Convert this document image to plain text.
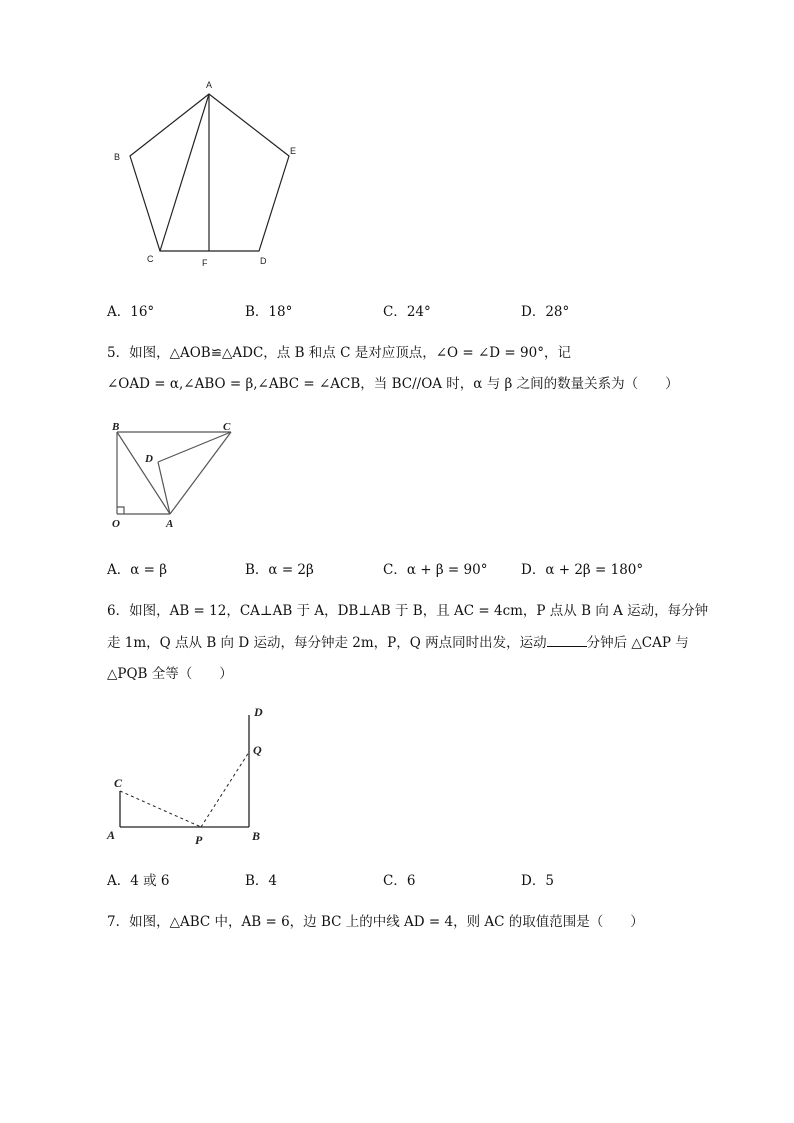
A
B
E
C	F	D
A．16°	B．18°	C．24°	D．28°
5．如图，△AOB≌△ADC，点 B 和点 C 是对应顶点，∠O = ∠D = 90°，记
∠OAD = α,∠ABO = β,∠ABC = ∠ACB，当 BC//OA 时，α 与 β 之间的数量关系为（　　）
B	C
D
O	A
A．α = β	B．α = 2β	C．α + β = 90° D．α + 2β = 180°
6．如图，AB = 12，CA⊥AB 于 A，DB⊥AB 于 B，且 AC = 4cm，P 点从 B 向 A 运动，每分钟
走 1m，Q 点从 B 向 D 运动，每分钟走 2m，P，Q 两点同时出发，运动	分钟后 △CAP 与
△PQB 全等（　　）
D
Q
C
A	P	B
A．4 或 6	B．4	C．6	D．5
7．如图，△ABC 中，AB = 6，边 BC 上的中线 AD = 4，则 AC 的取值范围是（　　）
